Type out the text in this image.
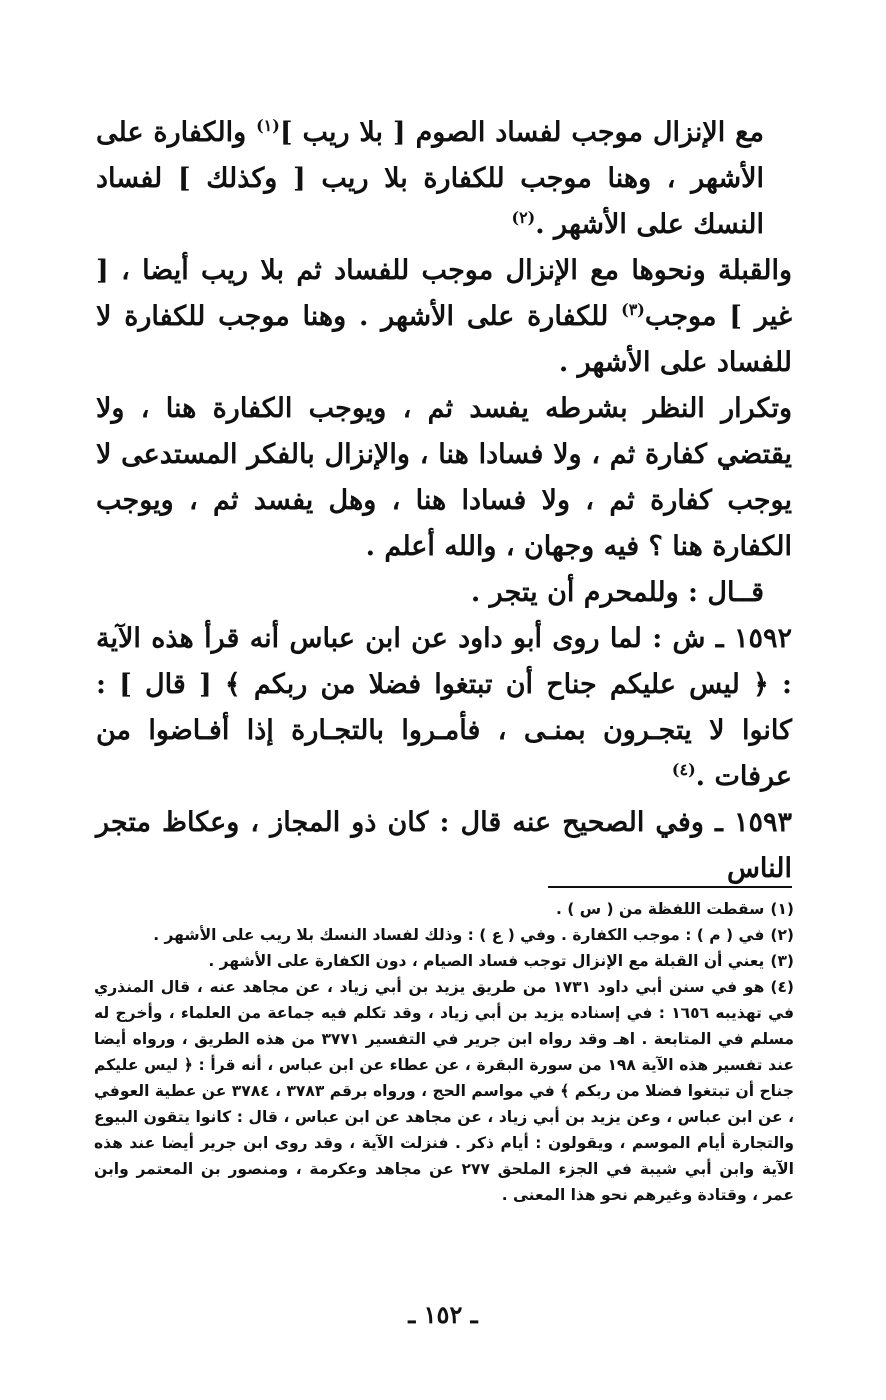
مع الإنزال موجب لفساد الصوم [ بلا ريب ]$^{(١)}$ والكفارة على الأشهر ، وهنا موجب للكفارة بلا ريب [ وكذلك ] لفساد النسك على الأشهر .$^{(٢)}$

والقبلة ونحوها مع الإنزال موجب للفساد ثم بلا ريب أيضا ، [ غير ] موجب$^{(٣)}$ للكفارة على الأشهر . وهنا موجب للكفارة لا للفساد على الأشهر .

وتكرار النظر بشرطه يفسد ثم ، ويوجب الكفارة هنا ، ولا يقتضي كفارة ثم ، ولا فسادا هنا ، والإنزال بالفكر المستدعى لا يوجب كفارة ثم ، ولا فسادا هنا ، وهل يفسد ثم ، ويوجب الكفارة هنا ؟ فيه وجهان ، والله أعلم .

قــال : وللمحرم أن يتجر .

١٥٩٢ ـ ش : لما روى أبو داود عن ابن عباس أنه قرأ هذه الآية : ﴿ ليس عليكم جناح أن تبتغوا فضلا من ربكم ﴾ [ قال ] : كانوا لا يتجـرون بمنـى ، فأمـروا بالتجـارة إذا أفـاضوا من عرفات .$^{(٤)}$

١٥٩٣ ـ وفي الصحيح عنه قال : كان ذو المجاز ، وعكاظ متجر الناس

(١)سقطت اللفظة من ( س ) .

(٢)في ( م ) : موجب الكفارة . وفي ( ع ) : وذلك لفساد النسك بلا ريب على الأشهر .

(٣)يعني أن القبلة مع الإنزال توجب فساد الصيام ، دون الكفارة على الأشهر .

(٤)هو في سنن أبي داود ١٧٣١ من طريق يزيد بن أبي زياد ، عن مجاهد عنه ، قال المنذري في تهذيبه ١٦٥٦ : في إسناده يزيد بن أبي زياد ، وقد تكلم فيه جماعة من العلماء ، وأخرج له مسلم في المتابعة . اهـ وقد رواه ابن جرير في التفسير ٣٧٧١ من هذه الطريق ، ورواه أيضا عند تفسير هذه الآية ١٩٨ من سورة البقرة ، عن عطاء عن ابن عباس ، أنه قرأ : ﴿ ليس عليكم جناح أن تبتغوا فضلا من ربكم ﴾ في مواسم الحج ، ورواه برقم ٣٧٨٣ ، ٣٧٨٤ عن عطية العوفي ، عن ابن عباس ، وعن يزيد بن أبي زياد ، عن مجاهد عن ابن عباس ، قال : كانوا يتقون البيوع والتجارة أيام الموسم ، ويقولون : أيام ذكر . فنزلت الآية ، وقد روى ابن جرير أيضا عند هذه الآية وابن أبي شيبة في الجزء الملحق ٢٧٧ عن مجاهد وعكرمة ، ومنصور بن المعتمر وابن عمر ، وقتادة وغيرهم نحو هذا المعنى .

ـ ١٥٢ ـ
